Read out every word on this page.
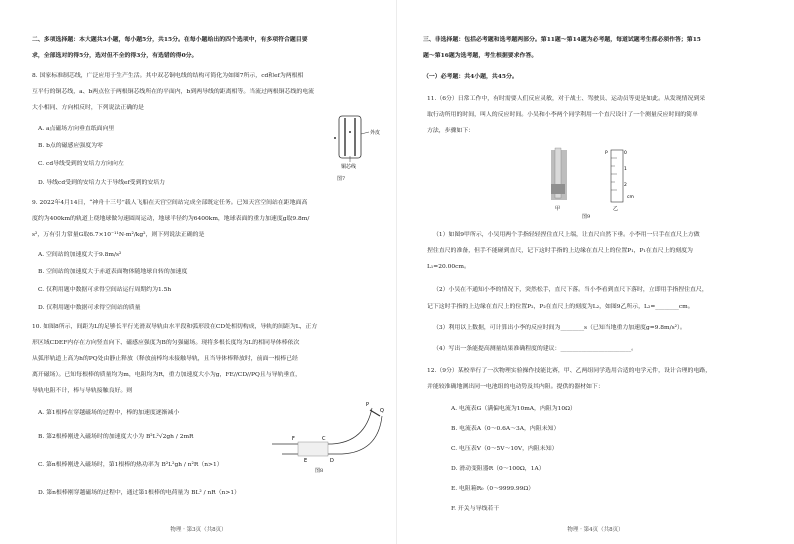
二、多项选择题：本大题共3小题，每小题5分，共15分。在每小题给出的四个选项中，有多项符合题目要
求，全部选对的得5分，选对但不全的得3分，有选错的得0分。
8. 国家标准制芯线，广泛应用于生产生活。其中双芯铜电线的结构可简化为如图7所示，cd和ef为两根相
互平行的铜芯线，a、b两点位于两根铜芯线所在的平面内，b到两导线的距离相等。当流过两根铜芯线的电流
大小相同、方向相反时，下列说法正确的是
A. a点磁场方向垂直纸面向里
B. b点的磁感应强度为零
C. cd导线受到的安培力方向向左
D. 导线cd受到的安培力大于导线ef受到的安培力
外皮
铜芯线
图7
9. 2022年4月14日，“神舟十三号”载人飞船在天宫空间站完成全部既定任务。已知天宫空间站在距地面高
度约为400km的轨道上绕地球做匀速圆周运动，地球半径约为6400km，地球表面的重力加速度g取9.8m/
s²，万有引力常量G取6.7×10⁻¹¹N·m²/kg²，则下列说法正确的是
A. 空间站的加速度大于9.8m/s²
B. 空间站的加速度大于赤道表面物体随地球自转的加速度
C. 仅利用题中数据可求得空间站运行周期约为1.5h
D. 仅利用题中数据可求得空间站的质量
10. 如图8所示，间距为L的足够长平行光滑双导轨由水平段和弧形段在CD处相切构成，导轨的间距为L，正方
形区域CDEF内存在方向竖直向下、磁感应强度为B的匀强磁场。现将多根长度均为L的相同导体棒依次
从弧形轨道上高为h的PQ处由静止释放（释放前棒均未接触导轨，且当导体棒释放时，前面一根棒已经
离开磁场）。已知每根棒的质量均为m，电阻均为R，重力加速度大小为g，FE//CD//PQ且与导轨垂直，
导轨电阻不计，棒与导轨接触良好。则
A. 第1根棒在穿越磁场的过程中，棒的加速度逐渐减小
B. 第2根棒刚进入磁场时的加速度大小为 B²L²√2gh / 2mR
C. 第n根棒刚进入磁场时，第1根棒的热功率为 B²L²gh / n²R（n>1）
D. 第n根棒刚穿越磁场的过程中，通过第1根棒的电荷量为 BL² / nR（n>1）
F
E
C
D
P
Q
图8
物理 · 第3页（共8页）
三、非选择题：包括必考题和选考题两部分。第11题～第14题为必考题，每道试题考生都必须作答；第15
题～第16题为选考题，考生根据要求作答。
（一）必考题：共4小题，共45分。
11.（6分）日常工作中，有时需要人们反应灵敏，对于战士、驾驶员、运动员等更是如此。从发现情况到采
取行动所用的时间，叫人的反应时间。小吴和小李两个同学利用一个直尺设计了一个测量反应时间的简单
方法，步骤如下：
0
1
2
cm
P
甲	乙
图9
（1）如图9甲所示，小吴用两个手指轻轻捏住直尺上端，让直尺自然下垂。小李用一只手在直尺上方做
捏住直尺的准备，但手不能碰到直尺，记下这时手指的上边缘在直尺上的位置P₁，P₁在直尺上的刻度为
L₁=20.00cm。
（2）小吴在不通知小李的情况下，突然松手，直尺下落。当小李看到直尺下落时，立即用手指捏住直尺，
记下这时手指的上边缘在直尺上的位置P₂，P₂在直尺上的刻度为L₂，如图9乙所示，L₂=________cm。
（3）利用以上数据，可计算出小李的反应时间为________s（已知当地重力加速度g=9.8m/s²）。
（4）写出一条能提高测量结果准确程度的建议：________________________。
12.（9分）某校举行了一次物理实验操作技能比赛，甲、乙两组同学选用合适的电学元件，设计合理的电路，
并能较准确地测出同一电池组的电动势及其内阻。提供的器材如下：
A. 电流表G（满偏电流为10mA，内阻为10Ω）
B. 电流表A（0～0.6A～3A，内阻未知）
C. 电压表V（0～5V～10V，内阻未知）
D. 滑动变阻器R（0～100Ω，1A）
E. 电阻箱R₀（0～9999.99Ω）
F. 开关与导线若干
物理 · 第4页（共8页）
